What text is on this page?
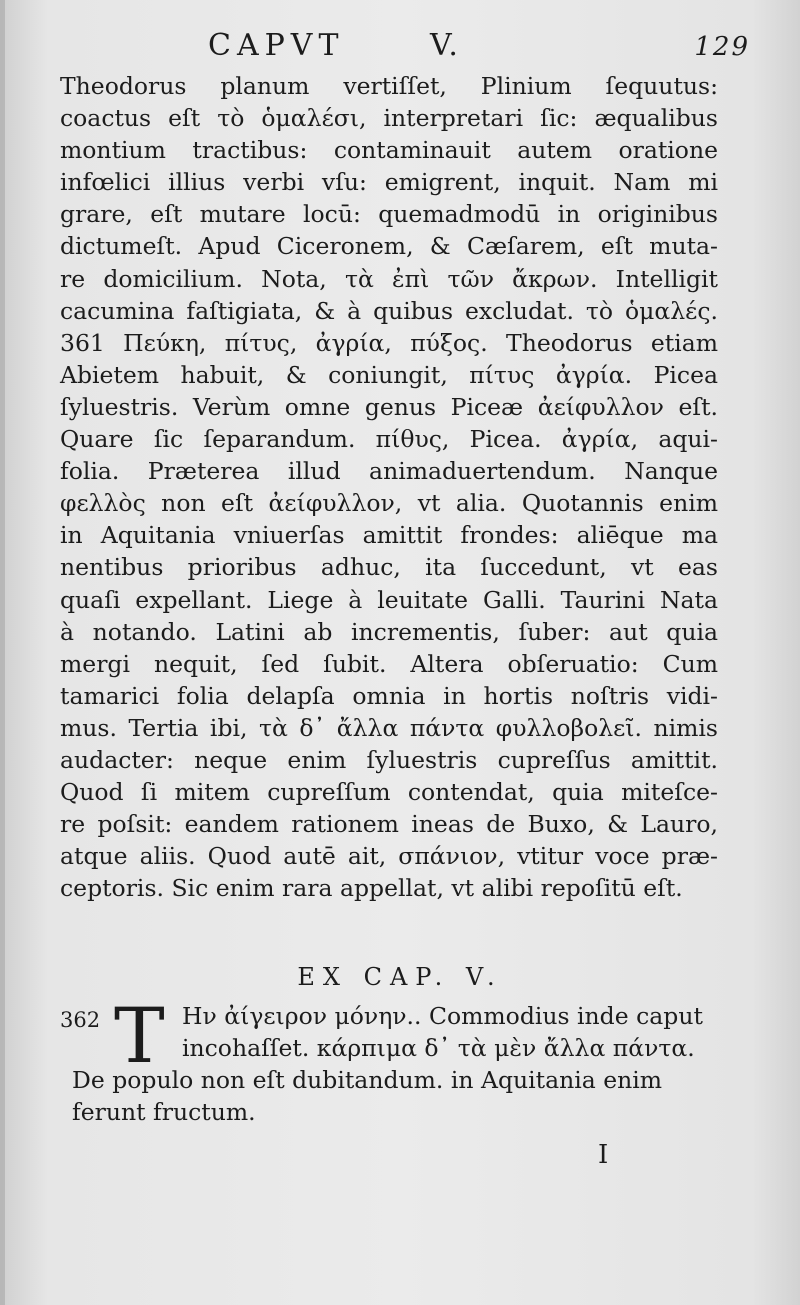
CAPVT	V.	129
Theodorus planum vertiſſet, Plinium ſequutus:
coactus eſt τὸ ὁμαλέσι, interpretari ſic: æqualibus
montium tractibus: contaminauit autem oratione
infœlici illius verbi vſu: emigrent, inquit. Nam mi
grare, eſt mutare locū: quemadmodū in originibus
dictumeſt. Apud Ciceronem, & Cæſarem, eſt muta-
re domicilium. Nota, τὰ ἐπὶ τῶν ἄκρων. Intelligit
cacumina faſtigiata, & à quibus excludat. τὸ ὁμαλές.
361 Πεύκη, πίτυς, ἀγρία, πύξος. Theodorus etiam
Abietem habuit, & coniungit, πίτυς ἀγρία. Picea
ſyluestris. Verùm omne genus Piceæ ἀείφυλλον eſt.
Quare ſic ſeparandum. πίθυς, Picea. ἀγρία, aqui-
folia. Præterea illud animaduertendum. Nanque
φελλὸς non eſt ἀείφυλλον, vt alia. Quotannis enim
in Aquitania vniuerſas amittit frondes: aliēque ma
nentibus prioribus adhuc, ita ſuccedunt, vt eas
quaſi expellant. Liege à leuitate Galli. Taurini Nata
à notando. Latini ab incrementis, ſuber: aut quia
mergi nequit, ſed ſubit. Altera obſeruatio: Cum
tamarici folia delapſa omnia in hortis noſtris vidi-
mus. Tertia ibi, τὰ δ᾽ ἄλλα πάντα φυλλοβολεῖ. nimis
audacter: neque enim ſyluestris cupreſſus amittit.
Quod ſi mitem cupreſſum contendat, quia miteſce-
re poſsit: eandem rationem ineas de Buxo, & Lauro,
atque aliis. Quod autē ait, σπάνιον, vtitur voce præ-
ceptoris. Sic enim rara appellat, vt alibi repoſitū eſt.
EX CAP. V.
362 T Ην ἀίγειρον μόνην.. Commodius inde caput
incohaſſet. κάρπιμα δ᾽ τὰ μὲν ἄλλα πάντα.
De populo non eſt dubitandum. in Aquitania enim
ferunt fructum.
I
